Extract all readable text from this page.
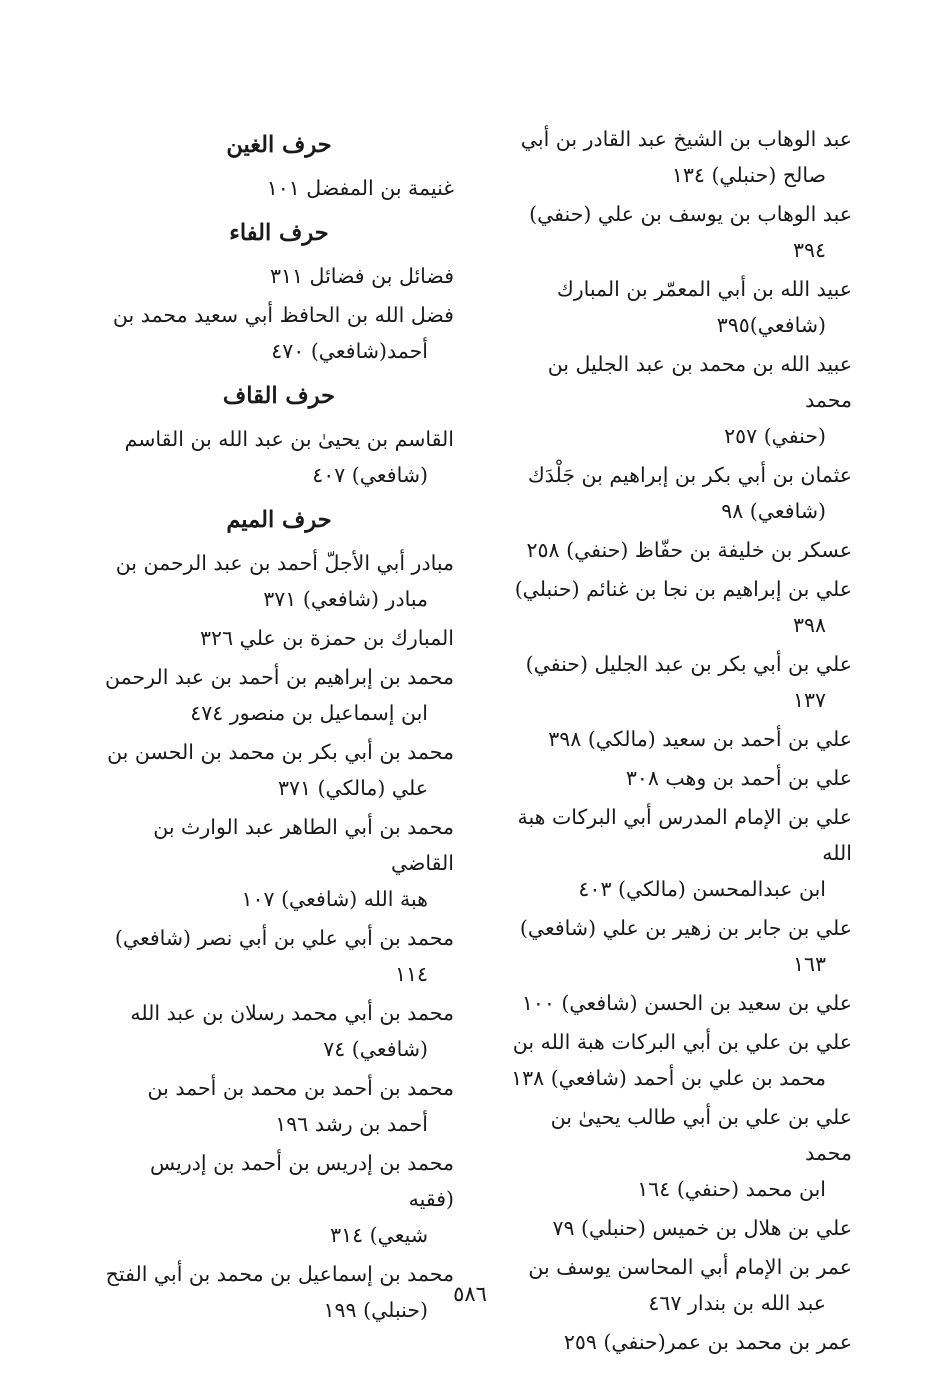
عبد الوهاب بن الشيخ عبد القادر بن أبي
صالح (حنبلي) ١٣٤
عبد الوهاب بن يوسف بن علي (حنفي)
٣٩٤
عبيد الله بن أبي المعمّر بن المبارك
(شافعي)٣٩٥
عبيد الله بن محمد بن عبد الجليل بن محمد
(حنفي) ٢٥٧
عثمان بن أبي بكر بن إبراهيم بن جَلْدَك
(شافعي) ٩٨
عسكر بن خليفة بن حفّاظ (حنفي) ٢٥٨
علي بن إبراهيم بن نجا بن غنائم (حنبلي)
٣٩٨
علي بن أبي بكر بن عبد الجليل (حنفي)
١٣٧
علي بن أحمد بن سعيد (مالكي) ٣٩٨
علي بن أحمد بن وهب ٣٠٨
علي بن الإمام المدرس أبي البركات هبة الله
ابن عبدالمحسن (مالكي) ٤٠٣
علي بن جابر بن زهير بن علي (شافعي)
١٦٣
علي بن سعيد بن الحسن (شافعي) ١٠٠
علي بن علي بن أبي البركات هبة الله بن
محمد بن علي بن أحمد (شافعي) ١٣٨
علي بن علي بن أبي طالب يحيىٰ بن محمد
ابن محمد (حنفي) ١٦٤
علي بن هلال بن خميس (حنبلي) ٧٩
عمر بن الإمام أبي المحاسن يوسف بن
عبد الله بن بندار ٤٦٧
عمر بن محمد بن عمر(حنفي) ٢٥٩
حرف الغين
غنيمة بن المفضل ١٠١
حرف الفاء
فضائل بن فضائل ٣١١
فضل الله بن الحافظ أبي سعيد محمد بن
أحمد(شافعي) ٤٧٠
حرف القاف
القاسم بن يحيىٰ بن عبد الله بن القاسم
(شافعي) ٤٠٧
حرف الميم
مبادر أبي الأجلّ أحمد بن عبد الرحمن بن
مبادر (شافعي) ٣٧١
المبارك بن حمزة بن علي ٣٢٦
محمد بن إبراهيم بن أحمد بن عبد الرحمن
ابن إسماعيل بن منصور ٤٧٤
محمد بن أبي بكر بن محمد بن الحسن بن
علي (مالكي) ٣٧١
محمد بن أبي الطاهر عبد الوارث بن القاضي
هبة الله (شافعي) ١٠٧
محمد بن أبي علي بن أبي نصر (شافعي)
١١٤
محمد بن أبي محمد رسلان بن عبد الله
(شافعي) ٧٤
محمد بن أحمد بن محمد بن أحمد بن
أحمد بن رشد ١٩٦
محمد بن إدريس بن أحمد بن إدريس (فقيه
شيعي) ٣١٤
محمد بن إسماعيل بن محمد بن أبي الفتح
(حنبلي) ١٩٩
٥٨٦
